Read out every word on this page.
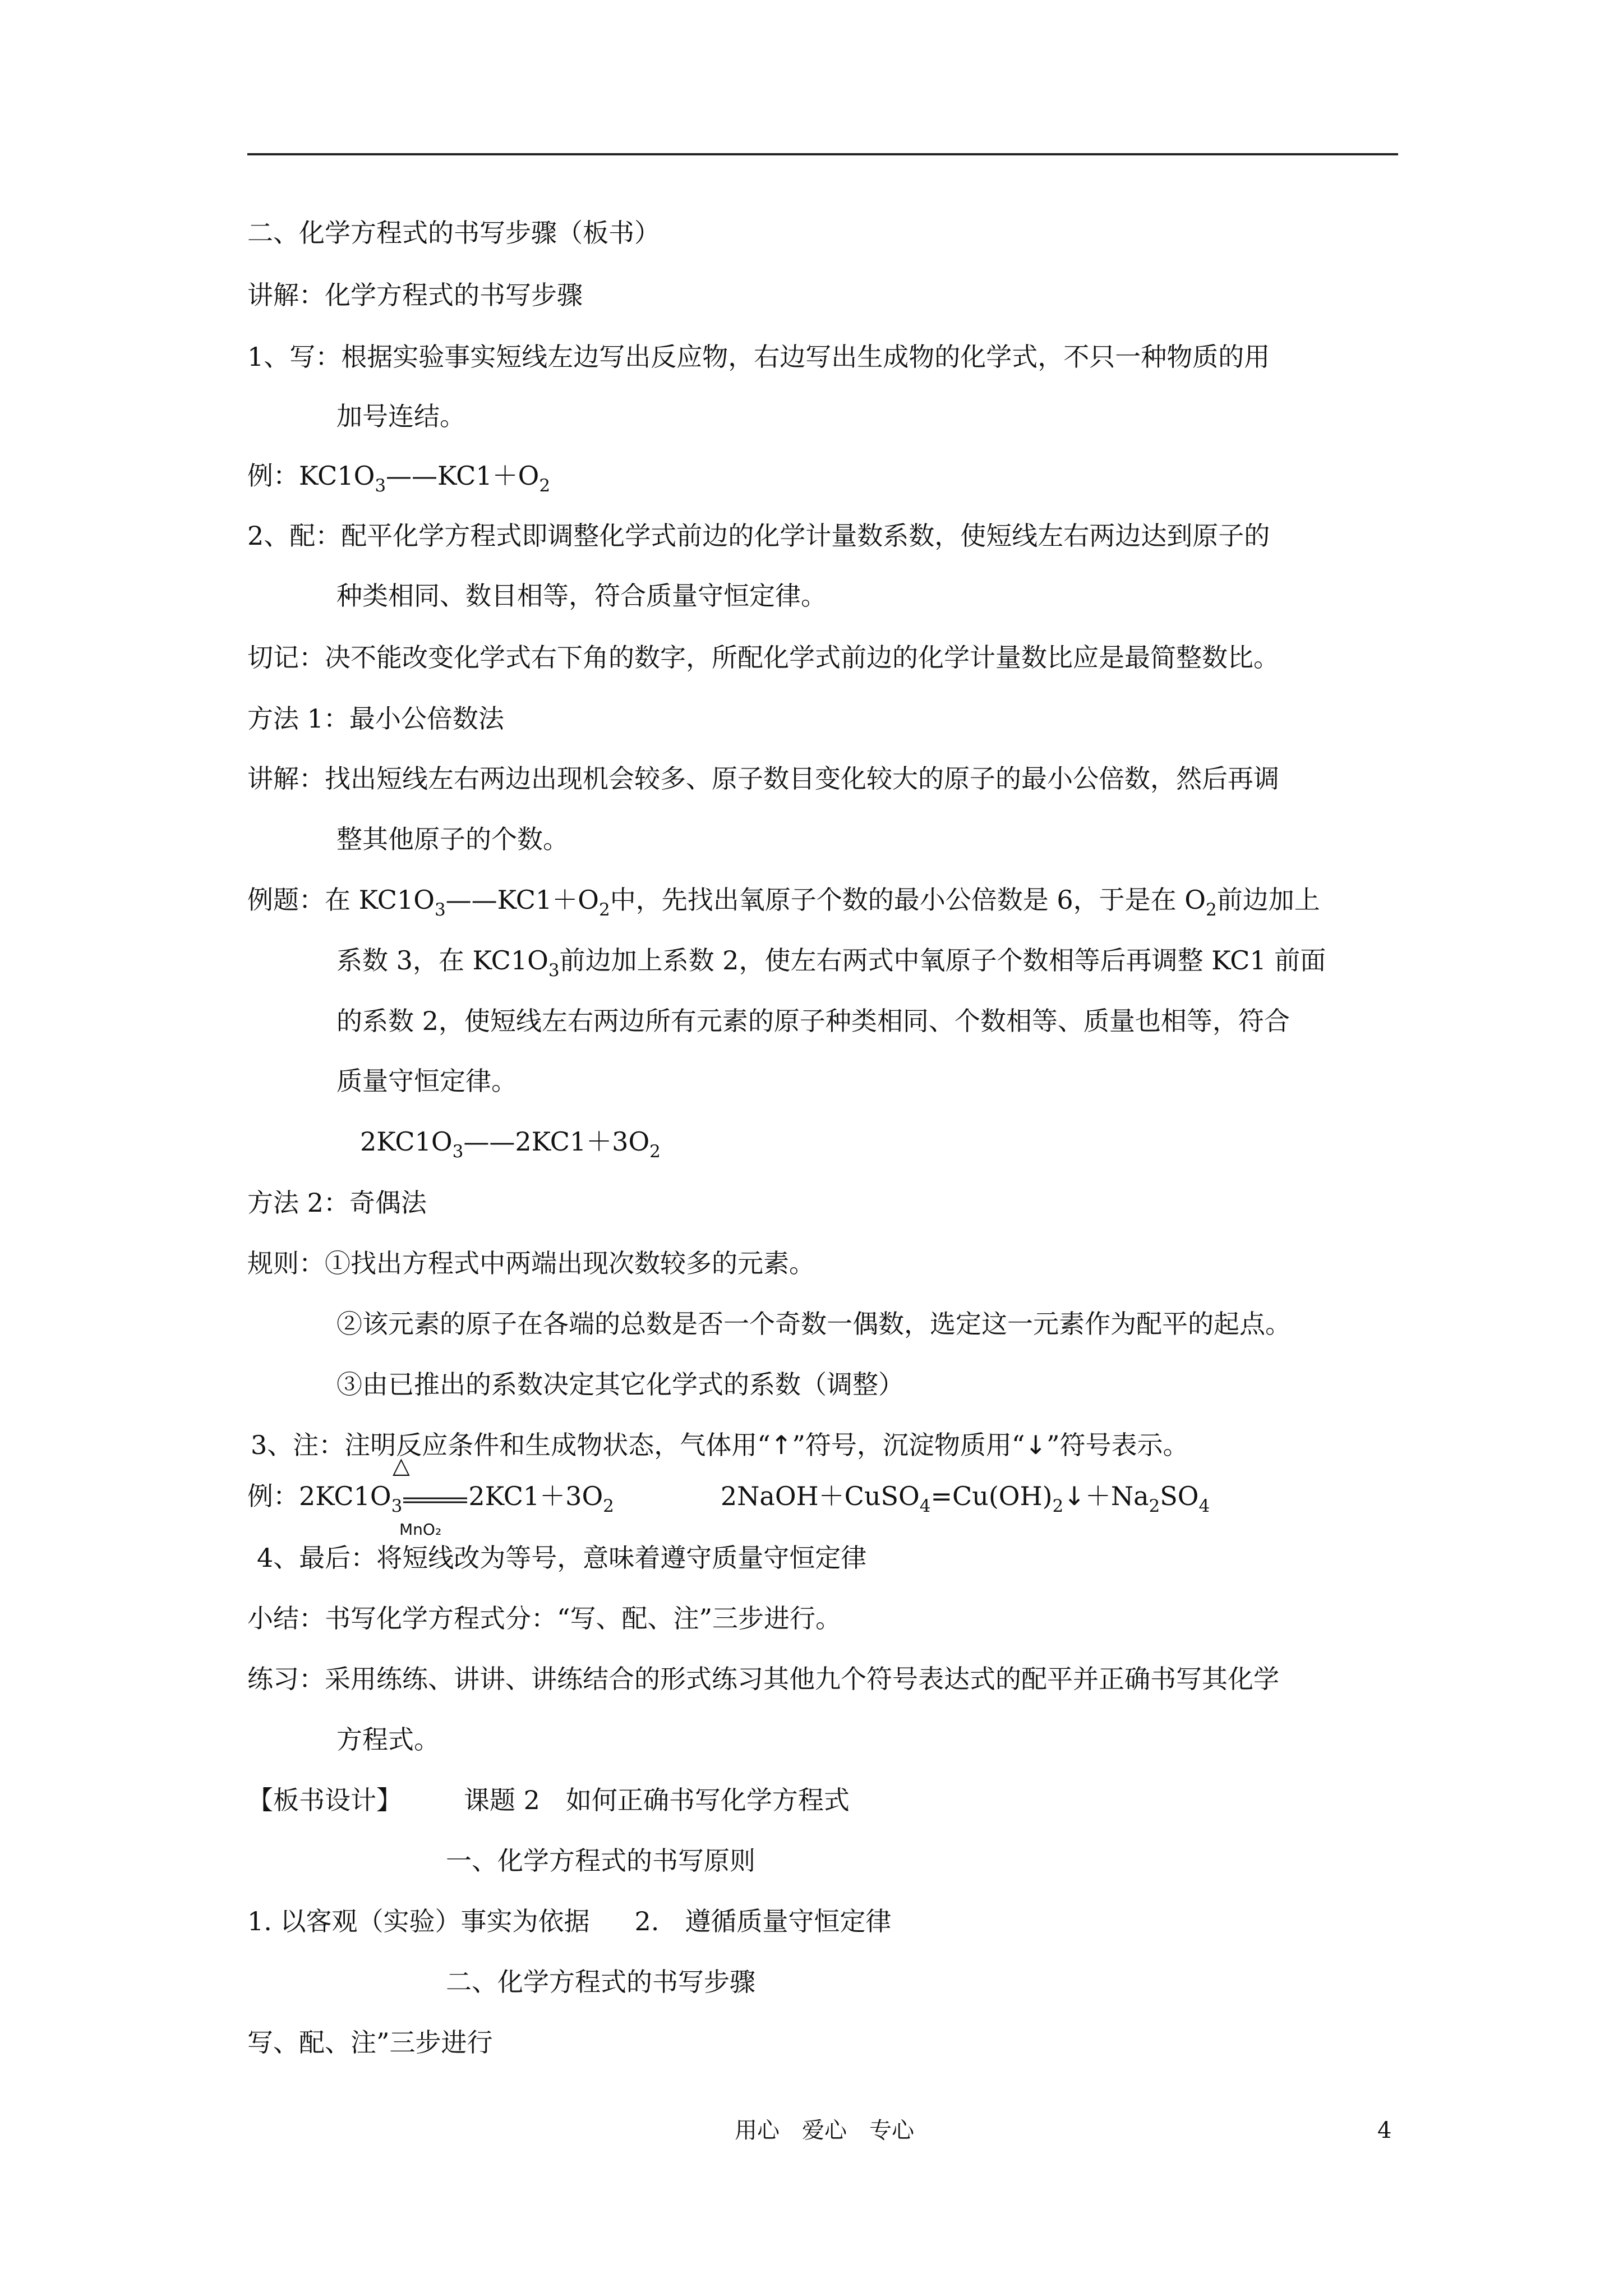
二、化学方程式的书写步骤（板书）
讲解：化学方程式的书写步骤
1、写：根据实验事实短线左边写出反应物，右边写出生成物的化学式，不只一种物质的用
加号连结。
例：$KC1O_3——KC1+O_2$
2、配：配平化学方程式即调整化学式前边的化学计量数系数，使短线左右两边达到原子的
种类相同、数目相等，符合质量守恒定律。
切记：决不能改变化学式右下角的数字，所配化学式前边的化学计量数比应是最简整数比。
方法 1：最小公倍数法
讲解：找出短线左右两边出现机会较多、原子数目变化较大的原子的最小公倍数，然后再调
整其他原子的个数。
例题：在 $KC1O_3——KC1+O_2$中，先找出氧原子个数的最小公倍数是 6，于是在 $O_2$前边加上
系数 3，在 $KC1O_3$前边加上系数 2，使左右两式中氧原子个数相等后再调整 KC1 前面
的系数 2，使短线左右两边所有元素的原子种类相同、个数相等、质量也相等，符合
质量守恒定律。
$2KC1O_3——2KC1+3O_2$
方法 2：奇偶法
规则：①找出方程式中两端出现次数较多的元素。
②该元素的原子在各端的总数是否一个奇数一偶数，选定这一元素作为配平的起点。
③由已推出的系数决定其它化学式的系数（调整）
3、注：注明反应条件和生成物状态，气体用“↑”符号，沉淀物质用“↓”符号表示。
例：$2KC1O_3$	$2KC1+3O_2$	$2NaOH+CuSO_4=Cu(OH)_2↓+Na_2SO_4$
△
MnO₂
4、最后：将短线改为等号，意味着遵守质量守恒定律
小结：书写化学方程式分：“写、配、注”三步进行。
练习：采用练练、讲讲、讲练结合的形式练习其他九个符号表达式的配平并正确书写其化学
方程式。
【板书设计】 课题 2　如何正确书写化学方程式
一、化学方程式的书写原则
1. 以客观（实验）事实为依据 2.　遵循质量守恒定律
二、化学方程式的书写步骤
写、配、注”三步进行
用心　爱心　专心	4
